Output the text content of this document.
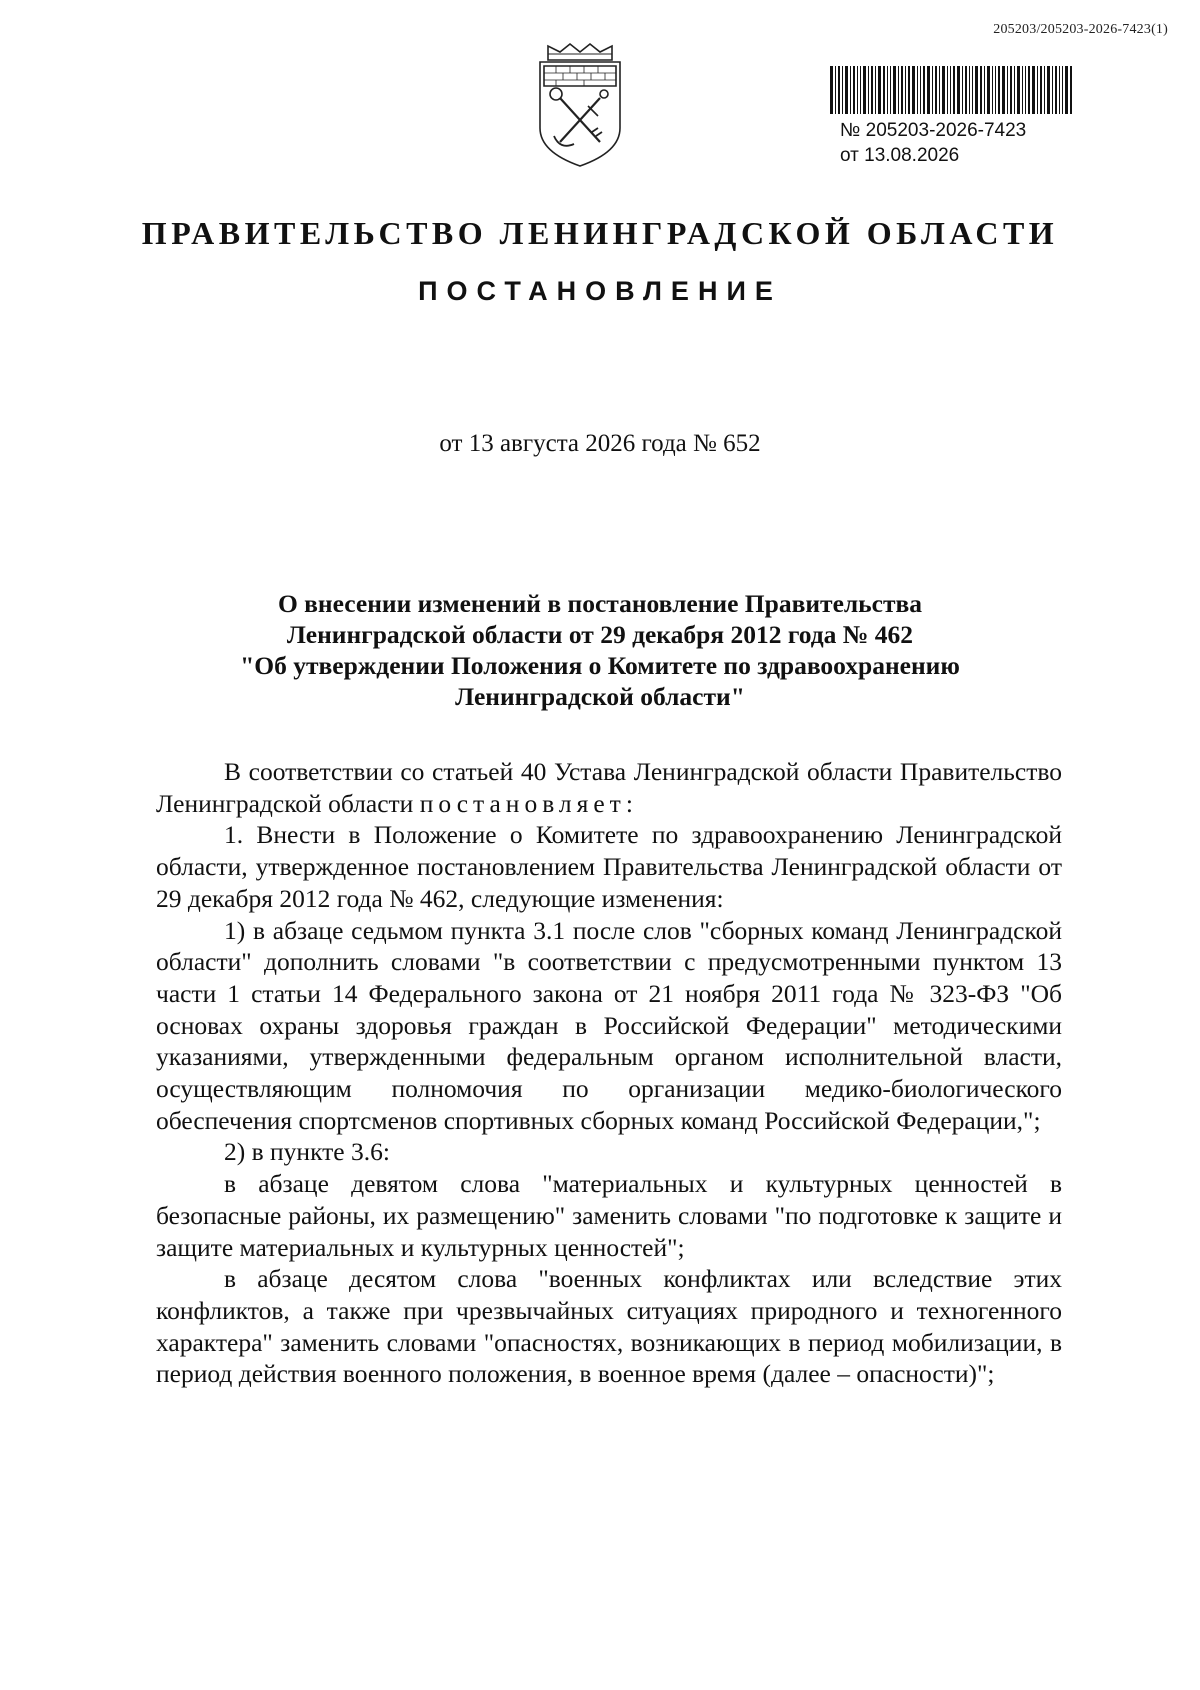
205203/205203-2026-7423(1)
№ 205203-2026-7423
от 13.08.2026
ПРАВИТЕЛЬСТВО ЛЕНИНГРАДСКОЙ ОБЛАСТИ
ПОСТАНОВЛЕНИЕ
от 13 августа 2026 года № 652
О внесении изменений в постановление Правительства
Ленинградской области от 29 декабря 2012 года № 462
"Об утверждении Положения о Комитете по здравоохранению
Ленинградской области"

В соответствии со статьей 40 Устава Ленинградской области Правительство Ленинградской области постановляет:

1. Внести в Положение о Комитете по здравоохранению Ленинградской области, утвержденное постановлением Правительства Ленинградской области от 29 декабря 2012 года № 462, следующие изменения:

1) в абзаце седьмом пункта 3.1 после слов "сборных команд Ленинградской области" дополнить словами "в соответствии с предусмотренными пунктом 13 части 1 статьи 14 Федерального закона от 21 ноября 2011 года № 323-ФЗ "Об основах охраны здоровья граждан в Российской Федерации" методическими указаниями, утвержденными федеральным органом исполнительной власти, осуществляющим полномочия по организации медико-биологического обеспечения спортсменов спортивных сборных команд Российской Федерации,";

2) в пункте 3.6:

в абзаце девятом слова "материальных и культурных ценностей в безопасные районы, их размещению" заменить словами "по подготовке к защите и защите материальных и культурных ценностей";

в абзаце десятом слова "военных конфликтах или вследствие этих конфликтов, а также при чрезвычайных ситуациях природного и техногенного характера" заменить словами "опасностях, возникающих в период мобилизации, в период действия военного положения, в военное время (далее – опасности)";
